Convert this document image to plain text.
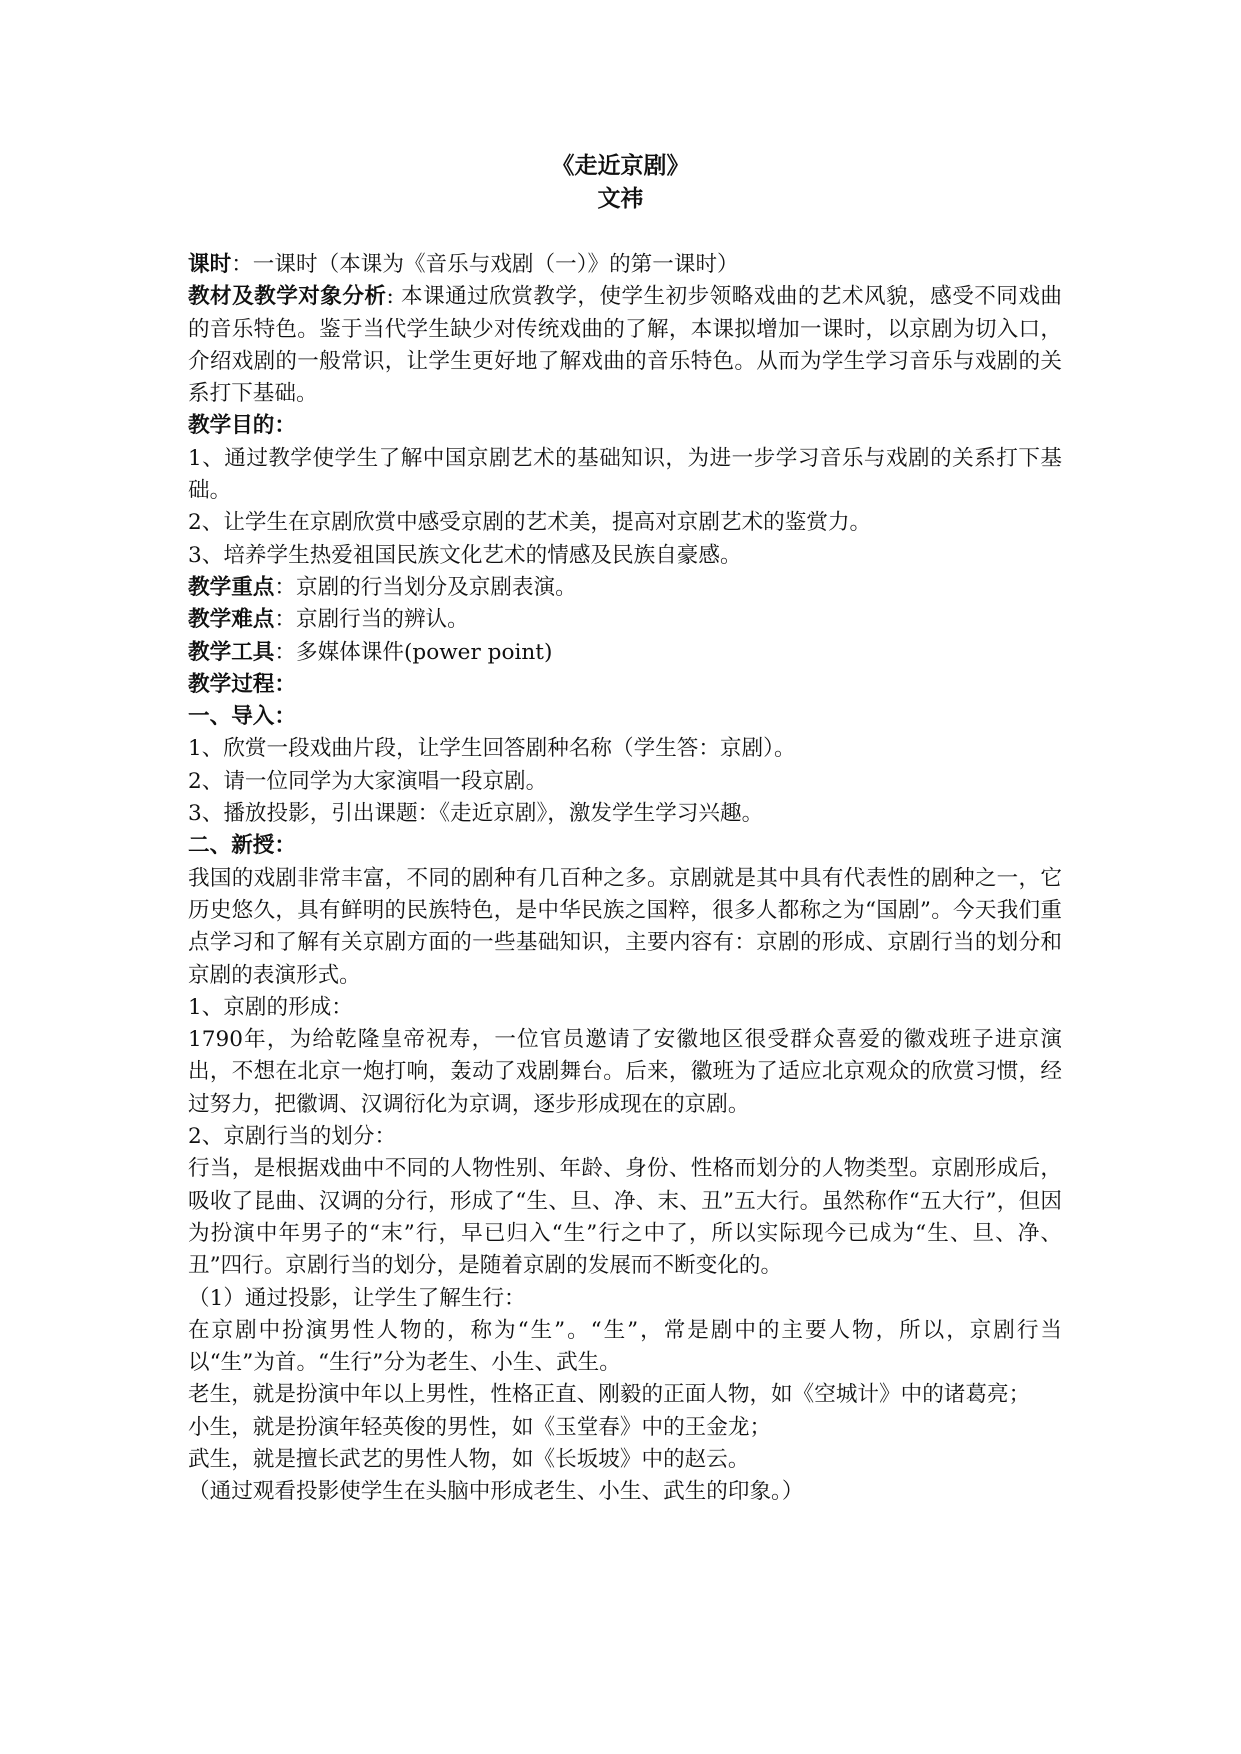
《走近京剧》
文祎

课时：一课时（本课为《音乐与戏剧（一）》的第一课时）

教材及教学对象分析: 本课通过欣赏教学，使学生初步领略戏曲的艺术风貌，感受不同戏曲的音乐特色。鉴于当代学生缺少对传统戏曲的了解，本课拟增加一课时，以京剧为切入口，介绍戏剧的一般常识，让学生更好地了解戏曲的音乐特色。从而为学生学习音乐与戏剧的关系打下基础。

教学目的：

1、通过教学使学生了解中国京剧艺术的基础知识，为进一步学习音乐与戏剧的关系打下基础。

2、让学生在京剧欣赏中感受京剧的艺术美，提高对京剧艺术的鉴赏力。

3、培养学生热爱祖国民族文化艺术的情感及民族自豪感。

教学重点：京剧的行当划分及京剧表演。

教学难点：京剧行当的辨认。

教学工具：多媒体课件(power point)

教学过程：

一、导入：

1、欣赏一段戏曲片段，让学生回答剧种名称（学生答：京剧）。

2、请一位同学为大家演唱一段京剧。

3、播放投影，引出课题：《走近京剧》，激发学生学习兴趣。

二、新授：

我国的戏剧非常丰富，不同的剧种有几百种之多。京剧就是其中具有代表性的剧种之一，它历史悠久，具有鲜明的民族特色，是中华民族之国粹，很多人都称之为“国剧”。今天我们重点学习和了解有关京剧方面的一些基础知识，主要内容有：京剧的形成、京剧行当的划分和京剧的表演形式。

1、京剧的形成：

1790年，为给乾隆皇帝祝寿，一位官员邀请了安徽地区很受群众喜爱的徽戏班子进京演出，不想在北京一炮打响，轰动了戏剧舞台。后来，徽班为了适应北京观众的欣赏习惯，经过努力，把徽调、汉调衍化为京调，逐步形成现在的京剧。

2、京剧行当的划分：

行当，是根据戏曲中不同的人物性别、年龄、身份、性格而划分的人物类型。京剧形成后，吸收了昆曲、汉调的分行，形成了“生、旦、净、末、丑”五大行。虽然称作“五大行”，但因为扮演中年男子的“末”行，早已归入“生”行之中了，所以实际现今已成为“生、旦、净、丑”四行。京剧行当的划分，是随着京剧的发展而不断变化的。

（1）通过投影，让学生了解生行：

在京剧中扮演男性人物的，称为“生”。“生”，常是剧中的主要人物，所以，京剧行当以“生”为首。“生行”分为老生、小生、武生。

老生，就是扮演中年以上男性，性格正直、刚毅的正面人物，如《空城计》中的诸葛亮；

小生，就是扮演年轻英俊的男性，如《玉堂春》中的王金龙；

武生，就是擅长武艺的男性人物，如《长坂坡》中的赵云。

（通过观看投影使学生在头脑中形成老生、小生、武生的印象。）
